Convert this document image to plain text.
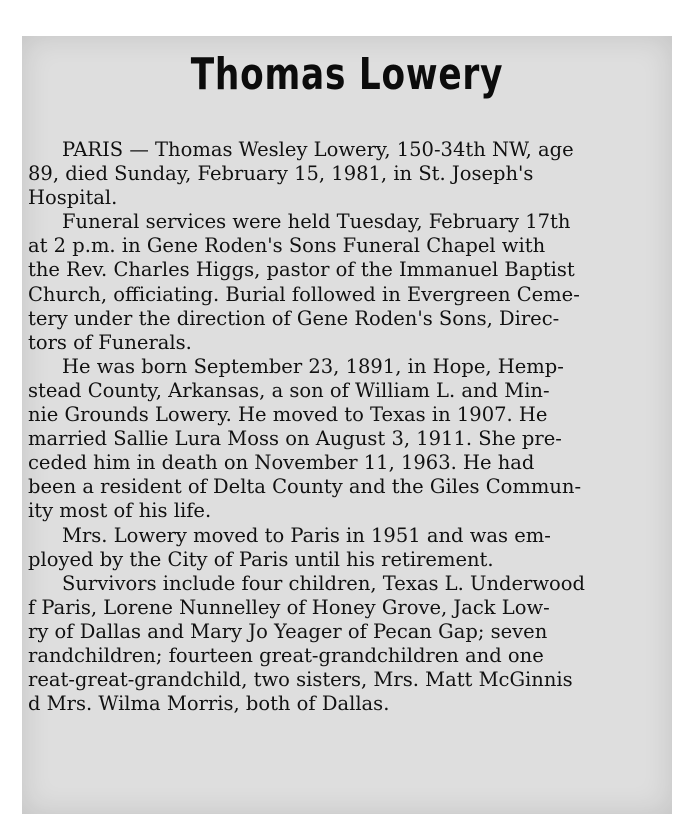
Thomas Lowery
PARIS — Thomas Wesley Lowery, 150-34th NW, age
89, died Sunday, February 15, 1981, in St. Joseph's
Hospital.
Funeral services were held Tuesday, February 17th
at 2 p.m. in Gene Roden's Sons Funeral Chapel with
the Rev. Charles Higgs, pastor of the Immanuel Baptist
Church, officiating. Burial followed in Evergreen Ceme-
tery under the direction of Gene Roden's Sons, Direc-
tors of Funerals.
He was born September 23, 1891, in Hope, Hemp-
stead County, Arkansas, a son of William L. and Min-
nie Grounds Lowery. He moved to Texas in 1907. He
married Sallie Lura Moss on August 3, 1911. She pre-
ceded him in death on November 11, 1963. He had
been a resident of Delta County and the Giles Commun-
ity most of his life.
Mrs. Lowery moved to Paris in 1951 and was em-
ployed by the City of Paris until his retirement.
Survivors include four children, Texas L. Underwood
f Paris, Lorene Nunnelley of Honey Grove, Jack Low-
ry of Dallas and Mary Jo Yeager of Pecan Gap; seven
randchildren; fourteen great-grandchildren and one
reat-great-grandchild, two sisters, Mrs. Matt McGinnis
d Mrs. Wilma Morris, both of Dallas.
